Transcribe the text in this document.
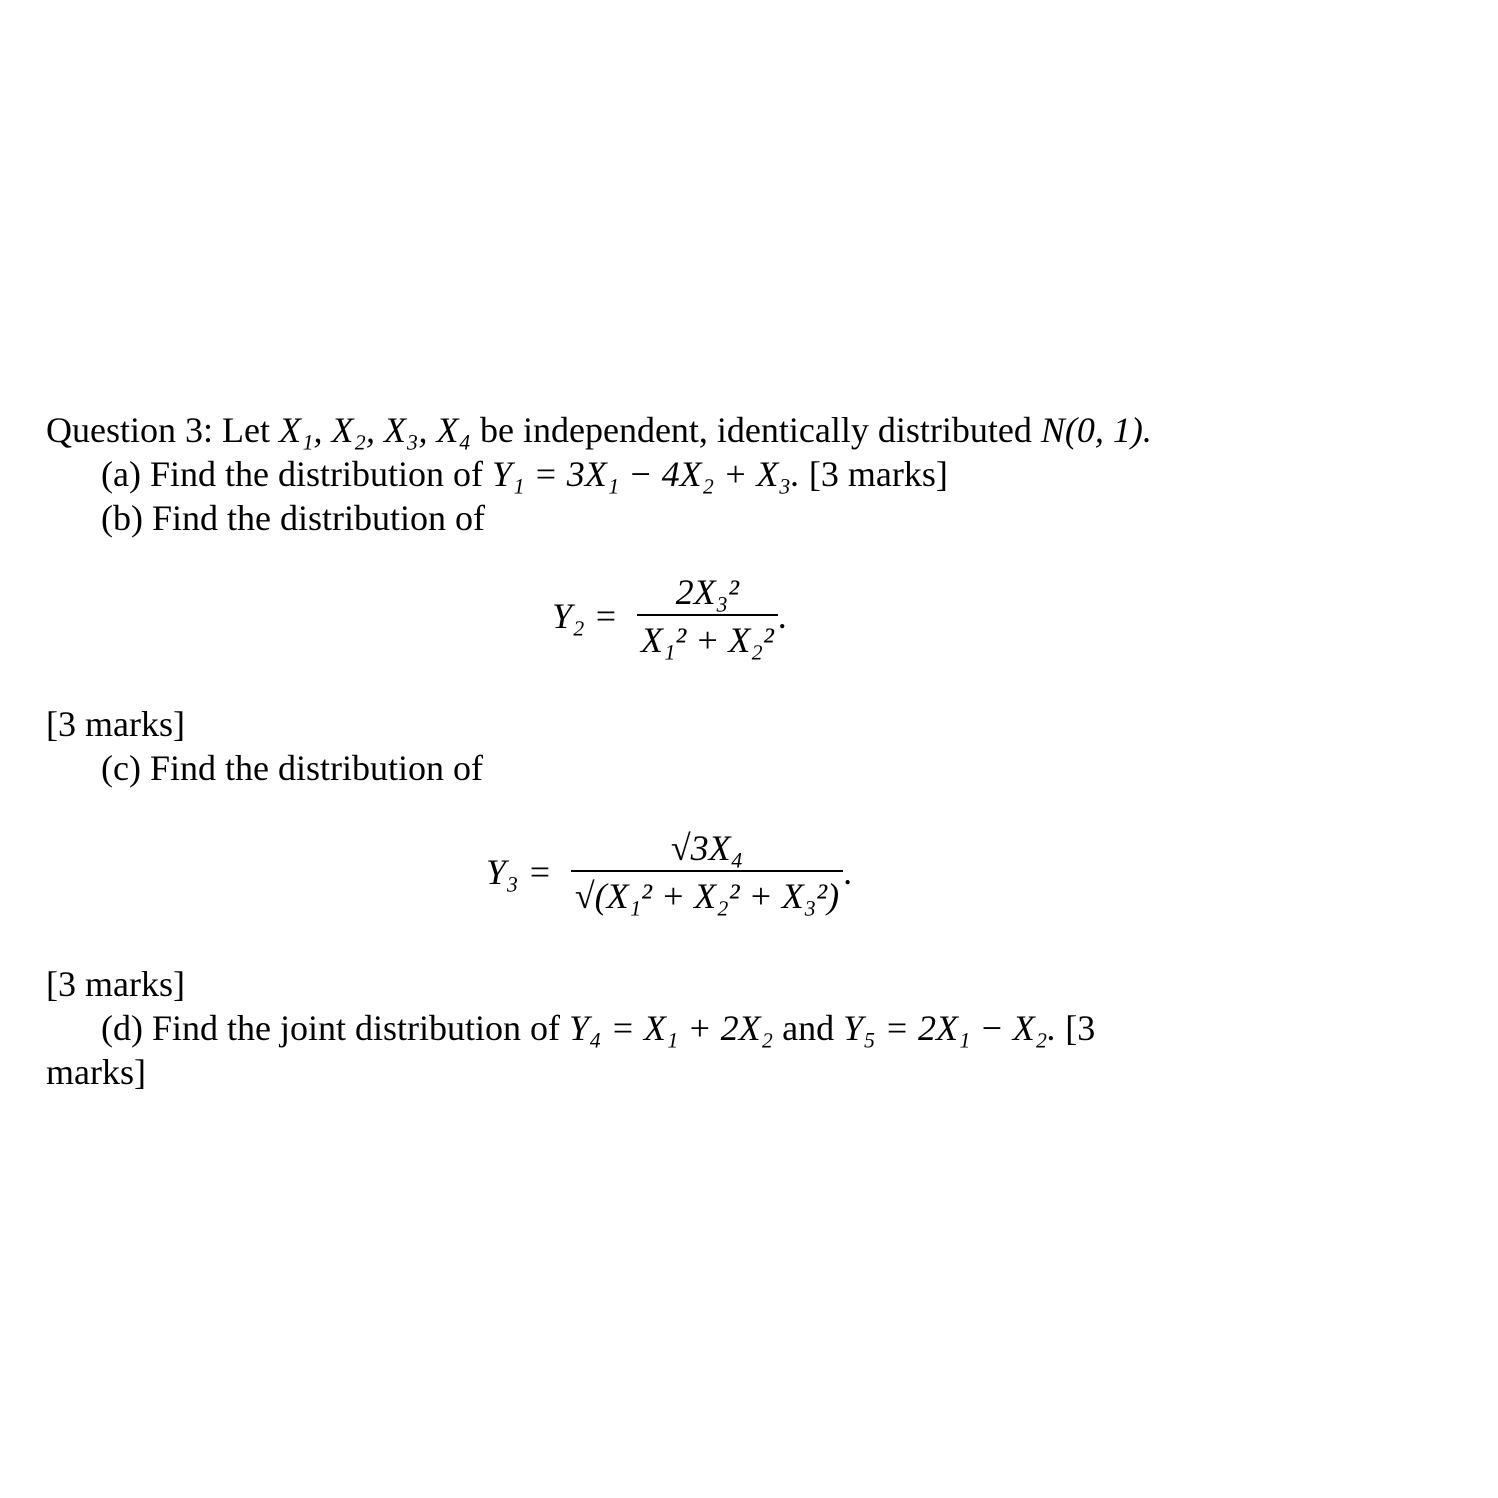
Question 3: Let X₁, X₂, X₃, X₄ be independent, identically distributed N(0, 1).
(a) Find the distribution of Y₁ = 3X₁ − 4X₂ + X₃. [3 marks]
(b) Find the distribution of
$Y_2 = \frac{\text{2X₃²}}{\text{X₁² + X₂²}}$ .
[3 marks]
(c) Find the distribution of
$Y_3 = \frac{\text{√3X₄}}{\text{√(X₁² + X₂² + X₃²)}}$ .
[3 marks]
(d) Find the joint distribution of Y₄ = X₁ + 2X₂ and Y₅ = 2X₁ − X₂. [3
marks]
